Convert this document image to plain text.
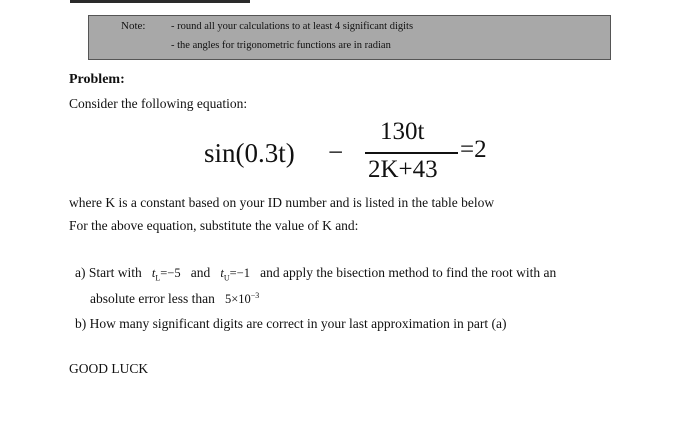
Note: - round all your calculations to at least 4 significant digits
- the angles for trigonometric functions are in radian
Problem:
Consider the following equation:
sin(0.3t) −
130t
2K+43
=2
where K is a constant based on your ID number and is listed in the table below
For the above equation, substitute the value of K and:
a) Start with $t_L=-5$ and $t_U=-1$ and apply the bisection method to find the root with an
absolute error less than $5\times 10^{-3}$
b) How many significant digits are correct in your last approximation in part (a)
GOOD LUCK
